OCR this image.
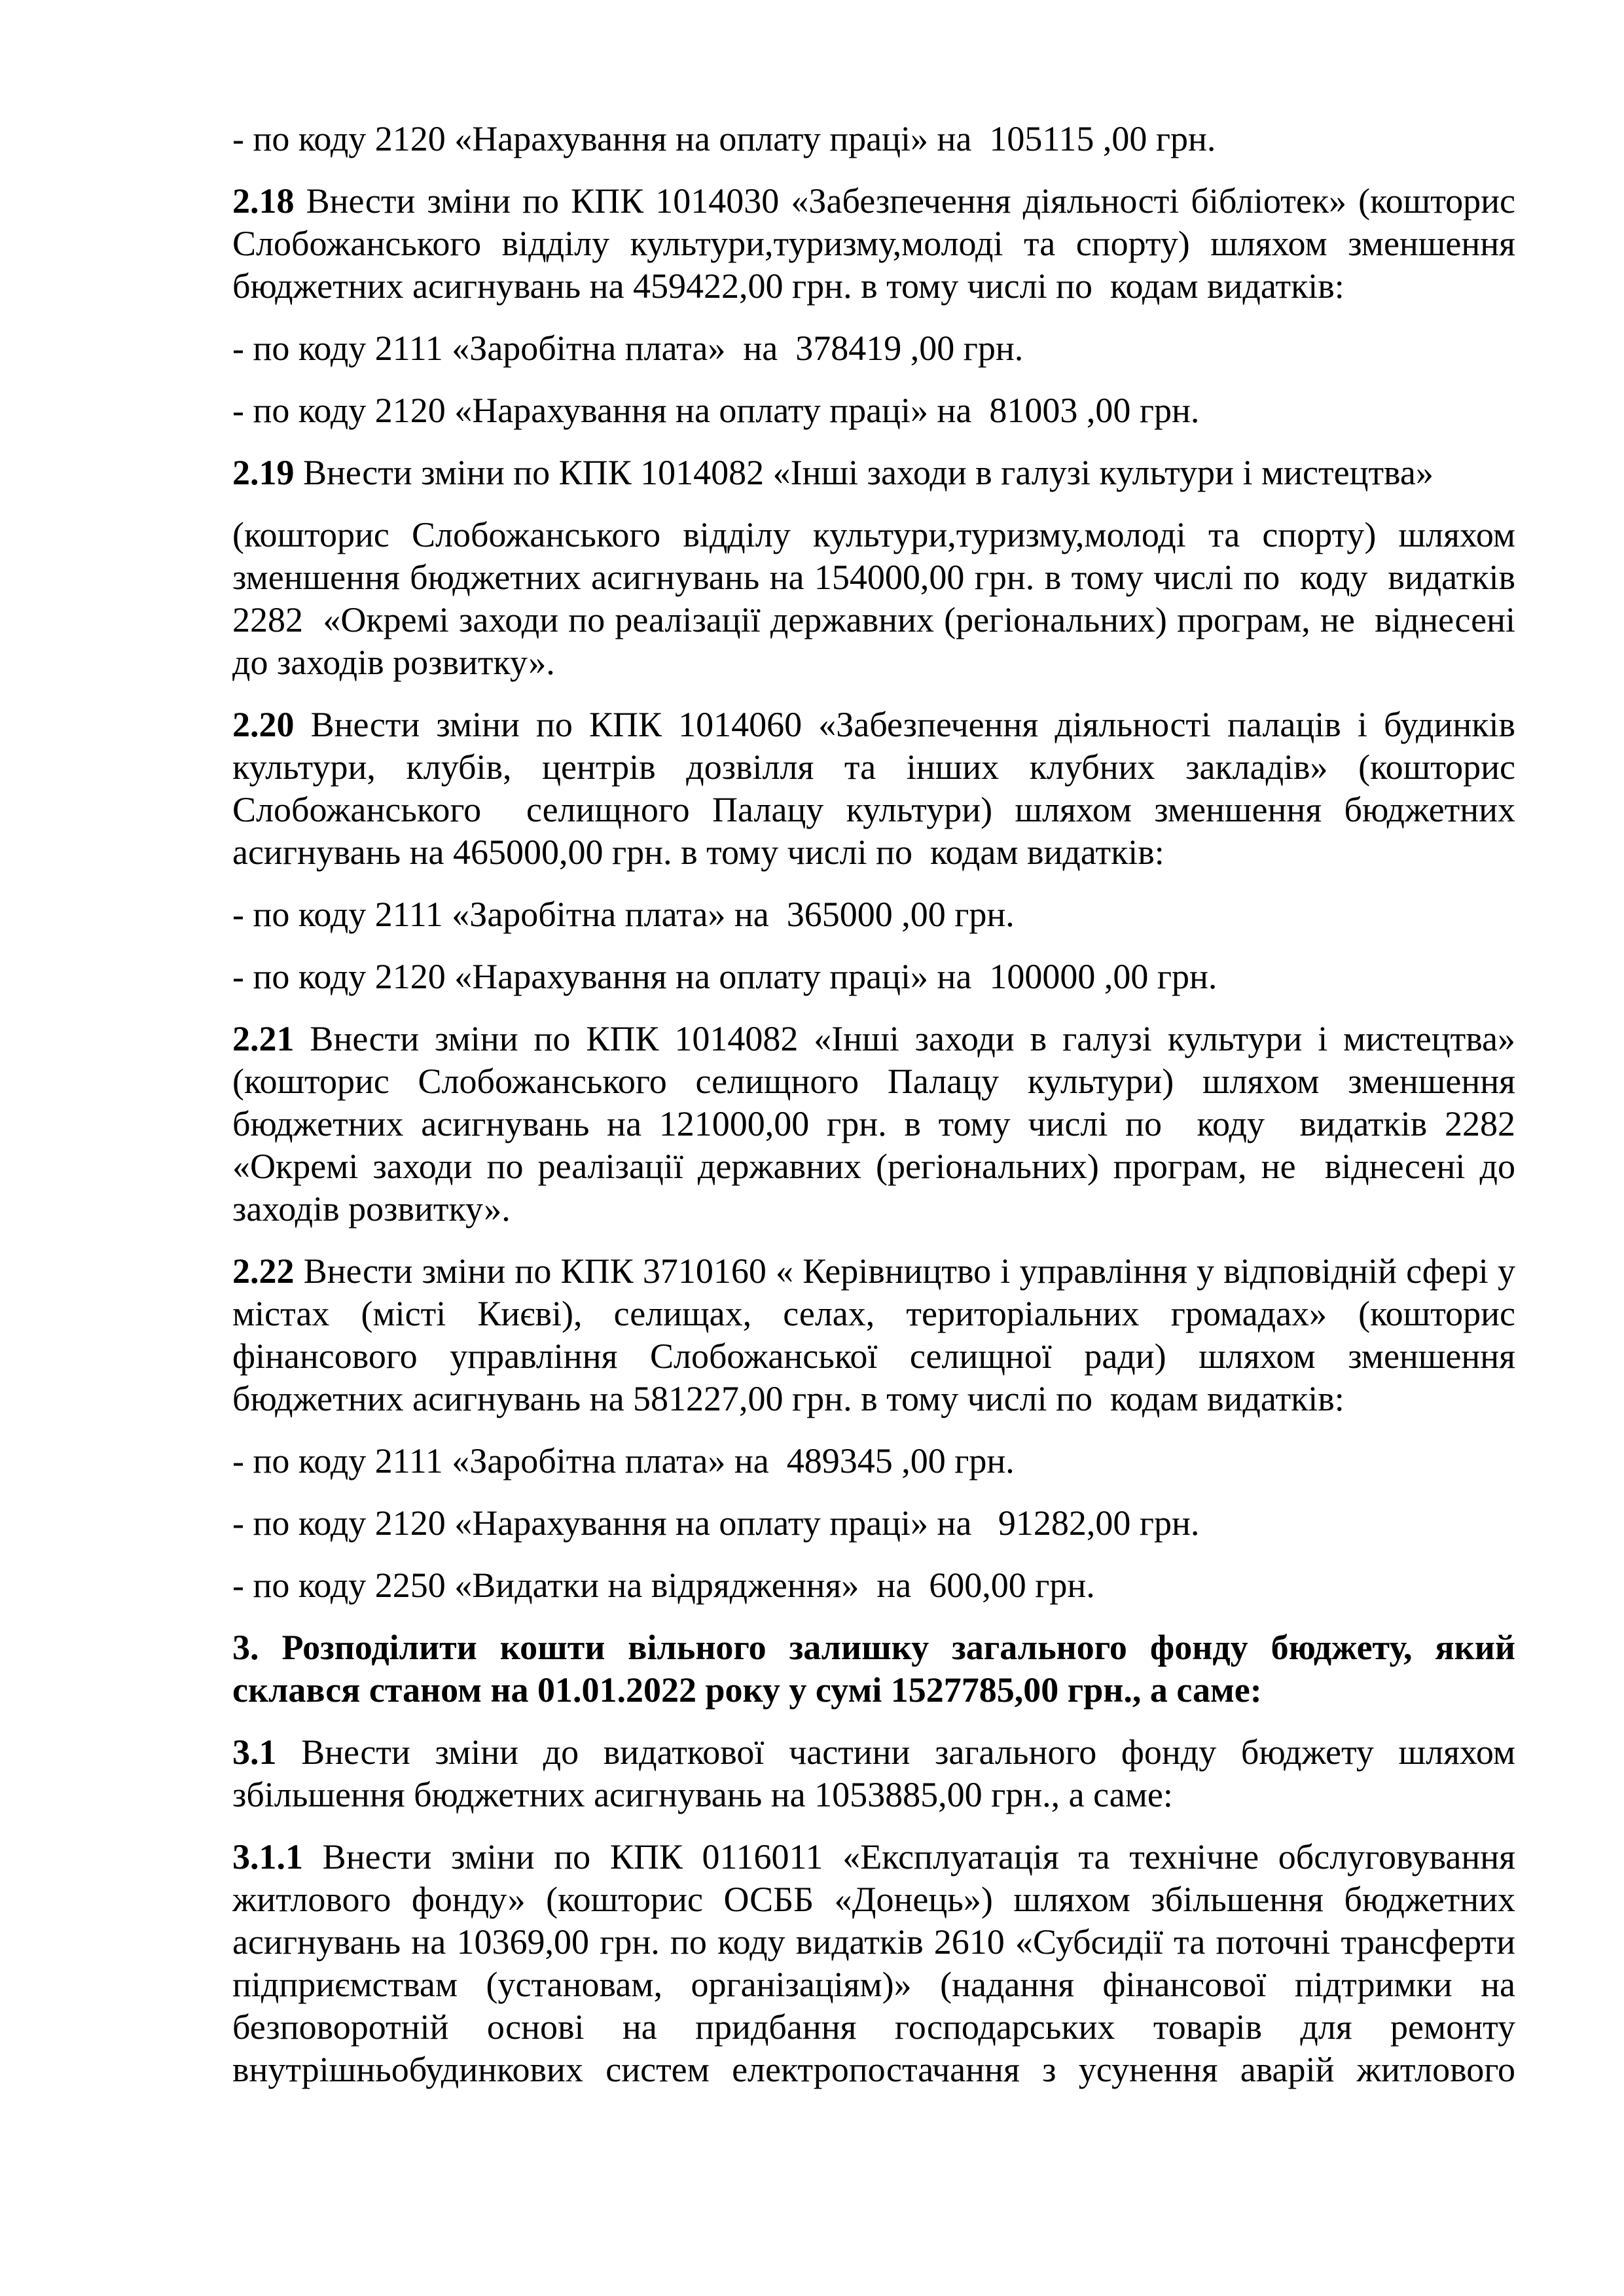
- по коду 2120 «Нарахування на оплату праці» на  105115 ,00 грн.

2.18 Внести зміни по КПК 1014030 «Забезпечення діяльності бібліотек» (кошторис Слобожанського відділу культури,туризму,молоді та спорту) шляхом зменшення бюджетних асигнувань на 459422,00 грн. в тому числі по  кодам видатків:

- по коду 2111 «Заробітна плата»  на  378419 ,00 грн.

- по коду 2120 «Нарахування на оплату праці» на  81003 ,00 грн.

2.19 Внести зміни по КПК 1014082 «Інші заходи в галузі культури і мистецтва»

(кошторис Слобожанського відділу культури,туризму,молоді та спорту) шляхом зменшення бюджетних асигнувань на 154000,00 грн. в тому числі по  коду  видатків 2282  «Окремі заходи по реалізації державних (регіональних) програм, не  віднесені до заходів розвитку».

2.20 Внести зміни по КПК 1014060 «Забезпечення діяльності палаців і будинків культури, клубів, центрів дозвілля та інших клубних закладів» (кошторис Слобожанського  селищного Палацу культури) шляхом зменшення бюджетних асигнувань на 465000,00 грн. в тому числі по  кодам видатків:

- по коду 2111 «Заробітна плата» на  365000 ,00 грн.

- по коду 2120 «Нарахування на оплату праці» на  100000 ,00 грн.

2.21 Внести зміни по КПК 1014082 «Інші заходи в галузі культури і мистецтва» (кошторис Слобожанського селищного Палацу культури) шляхом зменшення бюджетних асигнувань на 121000,00 грн. в тому числі по  коду  видатків 2282 «Окремі заходи по реалізації державних (регіональних) програм, не  віднесені до заходів розвитку».

2.22 Внести зміни по КПК 3710160 « Керівництво і управління у відповідній сфері у містах (місті Києві), селищах, селах, територіальних громадах» (кошторис фінансового управління Слобожанської селищної ради) шляхом зменшення бюджетних асигнувань на 581227,00 грн. в тому числі по  кодам видатків:

- по коду 2111 «Заробітна плата» на  489345 ,00 грн.

- по коду 2120 «Нарахування на оплату праці» на   91282,00 грн.

- по коду 2250 «Видатки на відрядження»  на  600,00 грн.

3. Розподілити кошти вільного залишку загального фонду бюджету, який склався станом на 01.01.2022 року у сумі 1527785,00 грн., а саме:

3.1 Внести зміни до видаткової частини загального фонду бюджету шляхом збільшення бюджетних асигнувань на 1053885,00 грн., а саме:

3.1.1 Внести зміни по КПК 0116011 «Експлуатація та технічне обслуговування житлового фонду» (кошторис ОСББ «Донець») шляхом збільшення бюджетних асигнувань на 10369,00 грн. по коду видатків 2610 «Субсидії та поточні трансферти підприємствам (установам, організаціям)» (надання фінансової підтримки на безповоротній основі на придбання господарських товарів для ремонту внутрішньобудинкових систем електропостачання з усунення аварій житлового
